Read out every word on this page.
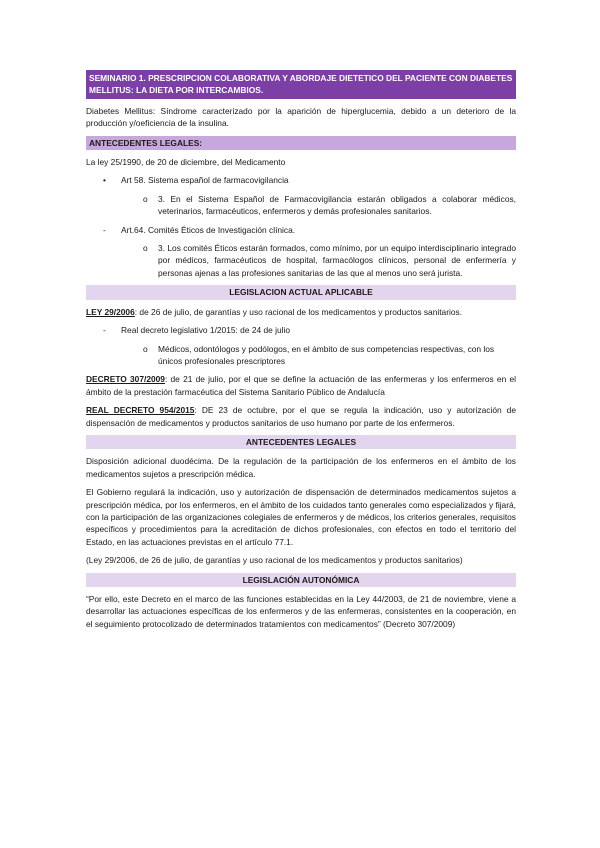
SEMINARIO 1. PRESCRIPCION COLABORATIVA Y ABORDAJE DIETETICO DEL PACIENTE CON DIABETES MELLITUS: LA DIETA POR INTERCAMBIOS.

Diabetes Mellitus: Síndrome caracterizado por la aparición de hiperglucemia, debido a un deterioro de la producción y/oeficiencia de la insulina.

ANTECEDENTES LEGALES:

La ley 25/1990, de 20 de diciembre, del Medicamento

• Art 58. Sistema español de farmacovigilancia
o 3. En el Sistema Español de Farmacovigilancia estarán obligados a colaborar médicos, veterinarios, farmacéuticos, enfermeros y demás profesionales sanitarios.
- Art.64. Comités Éticos de Investigación clínica.
o 3. Los comités Éticos estarán formados, como mínimo, por un equipo interdisciplinario integrado por médicos, farmacéuticos de hospital, farmacólogos clínicos, personal de enfermería y personas ajenas a las profesiones sanitarias de las que al menos uno será jurista.
LEGISLACION ACTUAL APLICABLE

LEY 29/2006: de 26 de julio, de garantías y uso racional de los medicamentos y productos sanitarios.

- Real decreto legislativo 1/2015: de 24 de julio
o Médicos, odontólogos y podólogos, en el ámbito de sus competencias respectivas, con los únicos profesionales prescriptores

DECRETO 307/2009: de 21 de julio, por el que se define la actuación de las enfermeras y los enfermeros en el ámbito de la prestación farmacéutica del Sistema Sanitario Público de Andalucía

REAL DECRETO 954/2015: DE 23 de octubre, por el que se regula la indicación, uso y autorización de dispensación de medicamentos y productos sanitarios de uso humano por parte de los enfermeros.

ANTECEDENTES LEGALES

Disposición adicional duodécima. De la regulación de la participación de los enfermeros en el ámbito de los medicamentos sujetos a prescripción médica.

El Gobierno regulará la indicación, uso y autorización de dispensación de determinados medicamentos sujetos a prescripción médica, por los enfermeros, en el ámbito de los cuidados tanto generales como especializados y fijará, con la participación de las organizaciones colegiales de enfermeros y de médicos, los criterios generales, requisitos específicos y procedimientos para la acreditación de dichos profesionales, con efectos en todo el territorio del Estado, en las actuaciones previstas en el artículo 77.1.

(Ley 29/2006, de 26 de julio, de garantías y uso racional de los medicamentos y productos sanitarios)

LEGISLACIÓN AUTONÓMICA

“Por ello, este Decreto en el marco de las funciones establecidas en la Ley 44/2003, de 21 de noviembre, viene a desarrollar las actuaciones específicas de los enfermeros y de las enfermeras, consistentes en la cooperación, en el seguimiento protocolizado de determinados tratamientos con medicamentos” (Decreto 307/2009)
